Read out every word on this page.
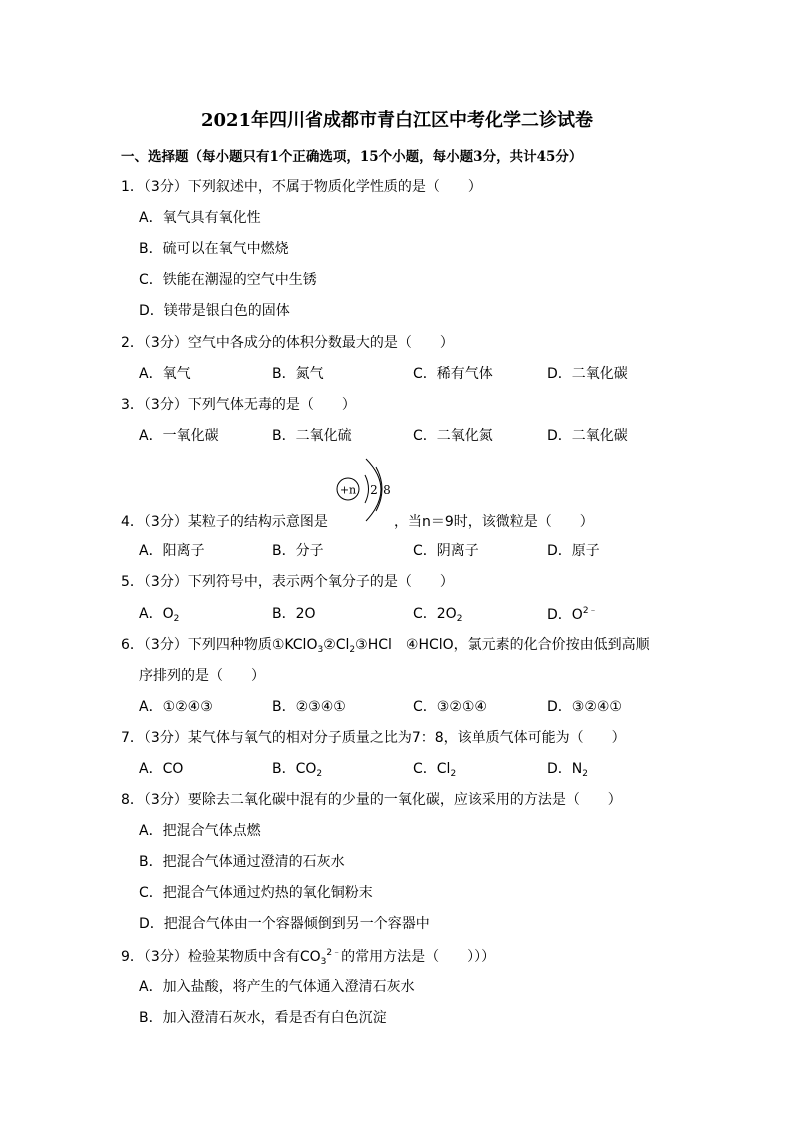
2021年四川省成都市青白江区中考化学二诊试卷
一、选择题（每小题只有1个正确选项，15个小题，每小题3分，共计45分）
1．（3分）下列叙述中，不属于物质化学性质的是（　　）
A．氧气具有氧化性
B．硫可以在氧气中燃烧
C．铁能在潮湿的空气中生锈
D．镁带是银白色的固体
2．（3分）空气中各成分的体积分数最大的是（　　）
A．氧气	B．氮气	C．稀有气体	D．二氧化碳
3．（3分）下列气体无毒的是（　　）
A．一氧化碳	B．二氧化硫	C．二氧化氮	D．二氧化碳
+n 2 8
4．（3分）某粒子的结构示意图是	，当n＝9时，该微粒是（　　）
A．阳离子	B．分子	C．阴离子	D．原子
5．（3分）下列符号中，表示两个氧分子的是（　　）
A．$O_2$	B．2O	C．$2O_2$	D．$O^{2﹣}$
6．（3分）下列四种物质$①KClO_3②Cl_2③HCl$　④HClO，氯元素的化合价按由低到高顺
序排列的是（　　）
A．①②④③	B．②③④①	C．③②①④	D．③②④①
7．（3分）某气体与氧气的相对分子质量之比为7：8，该单质气体可能为（　　）
A．CO	B．$CO_2$	C．$Cl_2$	D．$N_2$
8．（3分）要除去二氧化碳中混有的少量的一氧化碳，应该采用的方法是（　　）
A．把混合气体点燃
B．把混合气体通过澄清的石灰水
C．把混合气体通过灼热的氧化铜粉末
D．把混合气体由一个容器倾倒到另一个容器中
9．（3分）检验某物质中含有$CO_3^{2﹣}$的常用方法是（　　）））
A．加入盐酸，将产生的气体通入澄清石灰水
B．加入澄清石灰水，看是否有白色沉淀
